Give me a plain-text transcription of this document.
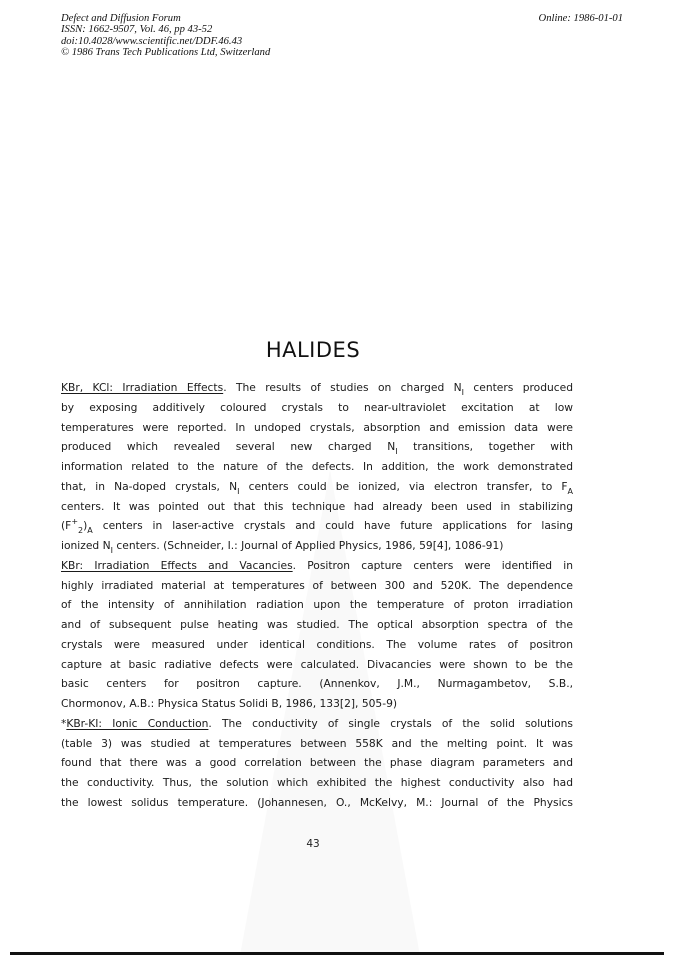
Defect and Diffusion Forum
ISSN: 1662-9507, Vol. 46, pp 43-52
doi:10.4028/www.scientific.net/DDF.46.43
© 1986 Trans Tech Publications Ltd, Switzerland
Online: 1986-01-01
HALIDES
KBr, KCl: Irradiation Effects. The results of studies on charged $N_I$ centers produced
by exposing additively coloured crystals to near-ultraviolet excitation at low
temperatures were reported. In undoped crystals, absorption and emission data were
produced which revealed several new charged $N_I$ transitions, together with
information related to the nature of the defects. In addition, the work demonstrated
that, in Na-doped crystals, $N_I$ centers could be ionized, via electron transfer, to $F_A$
centers. It was pointed out that this technique had already been used in stabilizing
$(F^+_2)_A$ centers in laser-active crystals and could have future applications for lasing
ionized $N_I$ centers. (Schneider, I.: Journal of Applied Physics, 1986, 59[4], 1086-91)
KBr: Irradiation Effects and Vacancies. Positron capture centers were identified in
highly irradiated material at temperatures of between 300 and 520K. The dependence
of the intensity of annihilation radiation upon the temperature of proton irradiation
and of subsequent pulse heating was studied. The optical absorption spectra of the
crystals were measured under identical conditions. The volume rates of positron
capture at basic radiative defects were calculated. Divacancies were shown to be the
basic centers for positron capture. (Annenkov, J.M., Nurmagambetov, S.B.,
Chormonov, A.B.: Physica Status Solidi B, 1986, 133[2], 505-9)
*KBr-KI: Ionic Conduction. The conductivity of single crystals of the solid solutions
(table 3) was studied at temperatures between 558K and the melting point. It was
found that there was a good correlation between the phase diagram parameters and
the conductivity. Thus, the solution which exhibited the highest conductivity also had
the lowest solidus temperature. (Johannesen, O., McKelvy, M.: Journal of the Physics
43
